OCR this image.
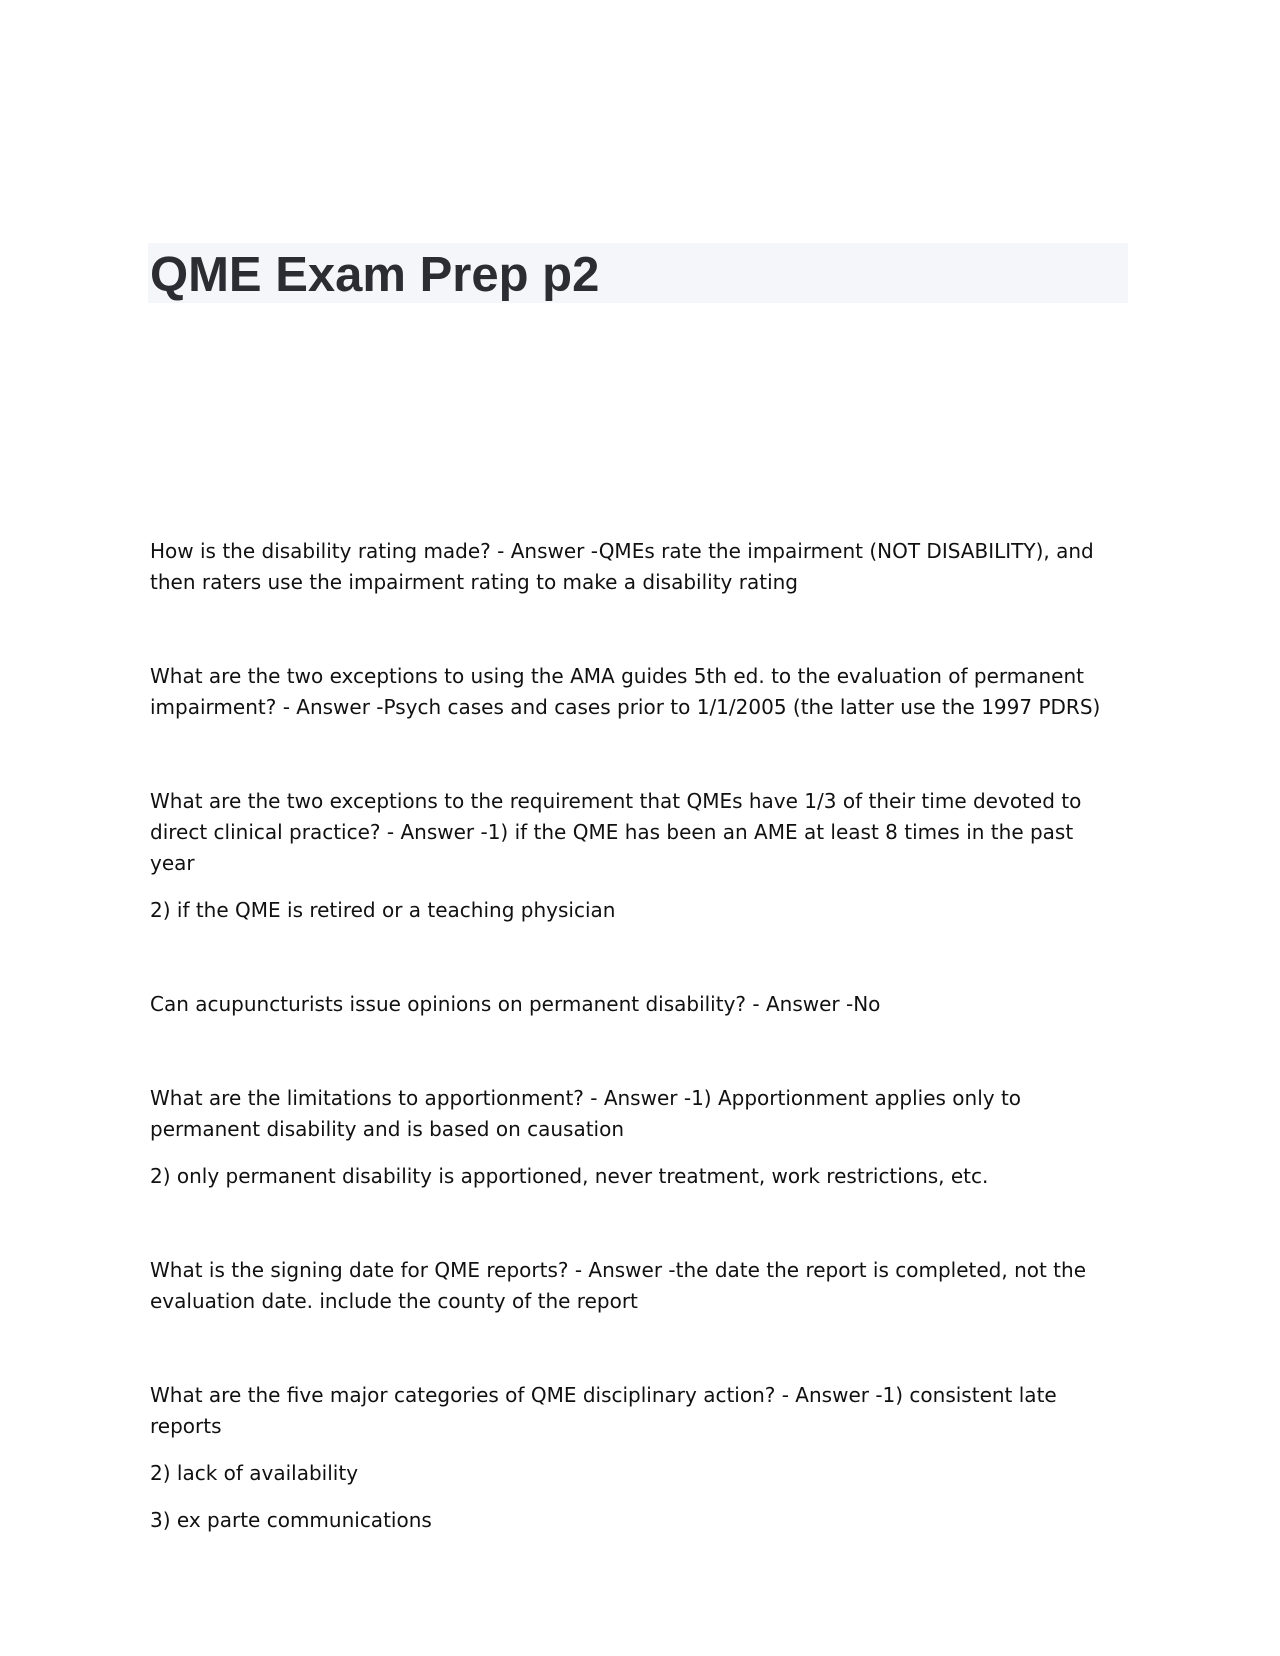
QME Exam Prep p2

How is the disability rating made? - Answer -QMEs rate the impairment (NOT DISABILITY), and then raters use the impairment rating to make a disability rating

What are the two exceptions to using the AMA guides 5th ed. to the evaluation of permanent impairment? - Answer -Psych cases and cases prior to 1/1/2005 (the latter use the 1997 PDRS)

What are the two exceptions to the requirement that QMEs have 1/3 of their time devoted to direct clinical practice? - Answer -1) if the QME has been an AME at least 8 times in the past year

2) if the QME is retired or a teaching physician

Can acupuncturists issue opinions on permanent disability? - Answer -No

What are the limitations to apportionment? - Answer -1) Apportionment applies only to permanent disability and is based on causation

2) only permanent disability is apportioned, never treatment, work restrictions, etc.

What is the signing date for QME reports? - Answer -the date the report is completed, not the evaluation date. include the county of the report

What are the five major categories of QME disciplinary action? - Answer -1) consistent late reports

2) lack of availability

3) ex parte communications
